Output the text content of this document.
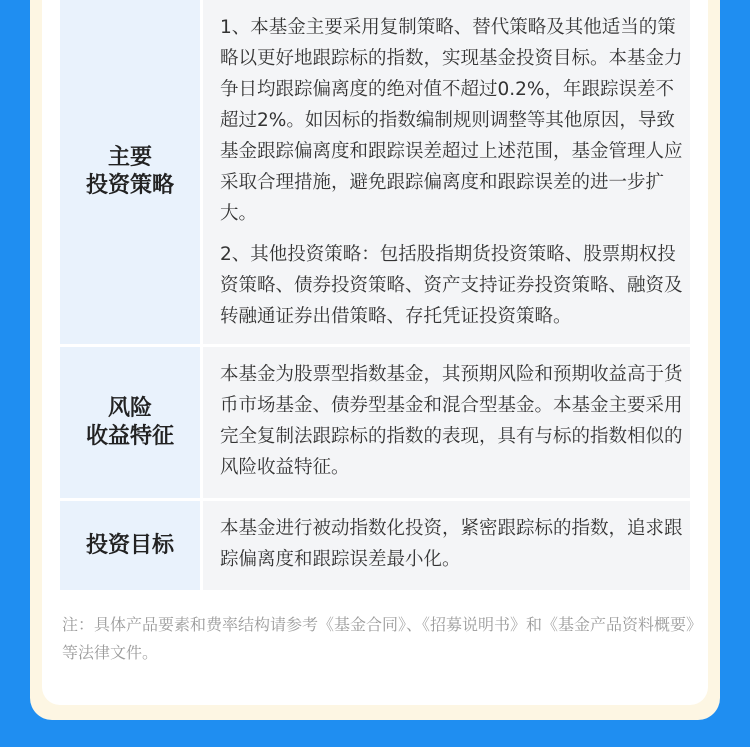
主要
投资策略
1、本基金主要采用复制策略、替代策略及其他适当的策略以更好地跟踪标的指数，实现基金投资目标。本基金力争日均跟踪偏离度的绝对值不超过0.2%，年跟踪误差不超过2%。如因标的指数编制规则调整等其他原因，导致基金跟踪偏离度和跟踪误差超过上述范围，基金管理人应采取合理措施，避免跟踪偏离度和跟踪误差的进一步扩大。
2、其他投资策略：包括股指期货投资策略、股票期权投资策略、债券投资策略、资产支持证券投资策略、融资及转融通证券出借策略、存托凭证投资策略。
风险
收益特征
本基金为股票型指数基金，其预期风险和预期收益高于货币市场基金、债券型基金和混合型基金。本基金主要采用完全复制法跟踪标的指数的表现，具有与标的指数相似的风险收益特征。
投资目标
本基金进行被动指数化投资，紧密跟踪标的指数，追求跟踪偏离度和跟踪误差最小化。
注：具体产品要素和费率结构请参考《基金合同》、《招募说明书》和《基金产品资料概要》等法律文件。
